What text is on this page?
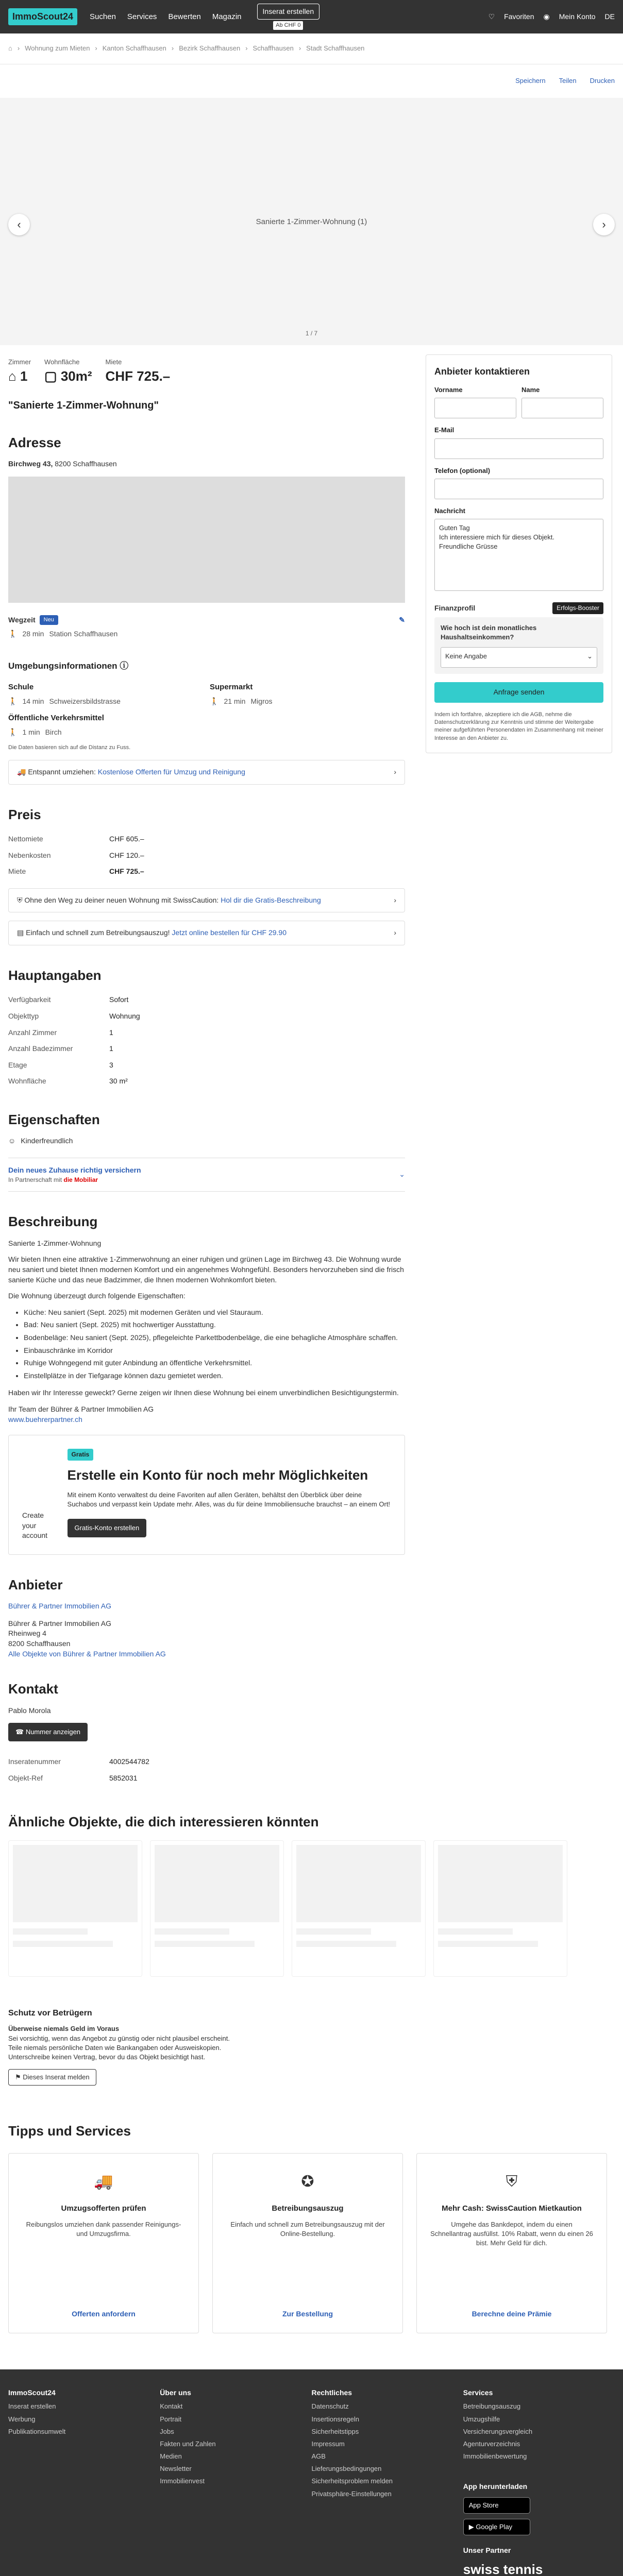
ImmoScout24	Suchen Services Bewerten Magazin
Inserat erstellen
Ab CHF 0
♡ Favoriten ◉ Mein Konto DE
⌂ › Wohnung zum Mieten › Kanton Schaffhausen › Bezirk Schaffhausen › Schaffhausen › Stadt Schaffhausen
Speichern Teilen Drucken
‹	Sanierte 1-Zimmer-Wohnung (1)	›
1 / 7
Zimmer
⌂ 1
Wohnfläche
▢ 30m²
Miete
CHF 725.–
"Sanierte 1-Zimmer-Wohnung"
Adresse
Birchweg 43, 8200 Schaffhausen
Wegzeit	Neu	✎
🚶 28 min Station Schaffhausen
Umgebungsinformationen ⓘ
Schule
🚶 14 min Schweizersbildstrasse
Supermarkt
🚶 21 min Migros
Öffentliche Verkehrsmittel
🚶 1 min Birch
Die Daten basieren sich auf die Distanz zu Fuss.
🚚 Entspannt umziehen: Kostenlose Offerten für Umzug und Reinigung	›
Preis
Nettomiete	CHF 605.–
Nebenkosten	CHF 120.–
Miete	CHF 725.–
⛨ Ohne den Weg zu deiner neuen Wohnung mit SwissCaution: Hol dir die Gratis-Beschreibung	›
▤ Einfach und schnell zum Betreibungsauszug! Jetzt online bestellen für CHF 29.90	›
Hauptangaben
Verfügbarkeit	Sofort
Objekttyp	Wohnung
Anzahl Zimmer	1
Anzahl Badezimmer	1
Etage	3
Wohnfläche	30 m²
Eigenschaften
☺ Kinderfreundlich
Dein neues Zuhause richtig versichern
In Partnerschaft mit die Mobiliar
⌄
Beschreibung

Sanierte 1-Zimmer-Wohnung

Wir bieten Ihnen eine attraktive 1-Zimmerwohnung an einer ruhigen und grünen Lage im Birchweg 43. Die Wohnung wurde neu saniert und bietet Ihnen modernen Komfort und ein angenehmes Wohngefühl. Besonders hervorzuheben sind die frisch sanierte Küche und das neue Badzimmer, die Ihnen modernen Wohnkomfort bieten.

Die Wohnung überzeugt durch folgende Eigenschaften:

• Küche: Neu saniert (Sept. 2025) mit modernen Geräten und viel Stauraum.
• Bad: Neu saniert (Sept. 2025) mit hochwertiger Ausstattung.
• Bodenbeläge: Neu saniert (Sept. 2025), pflegeleichte Parkettbodenbeläge, die eine behagliche Atmosphäre schaffen.
• Einbauschränke im Korridor
• Ruhige Wohngegend mit guter Anbindung an öffentliche Verkehrsmittel.
• Einstellplätze in der Tiefgarage können dazu gemietet werden.

Haben wir Ihr Interesse geweckt? Gerne zeigen wir Ihnen diese Wohnung bei einem unverbindlichen Besichtigungstermin.

Ihr Team der Bührer & Partner Immobilien AG
www.buehrerpartner.ch

Create your account
Gratis
Erstelle ein Konto für noch mehr Möglichkeiten

Mit einem Konto verwaltest du deine Favoriten auf allen Geräten, behältst den Überblick über deine Suchabos und verpasst kein Update mehr. Alles, was du für deine Immobiliensuche brauchst – an einem Ort!

Gratis-Konto erstellen
Anbieter
Bührer & Partner Immobilien AG
Bührer & Partner Immobilien AG
Rheinweg 4
8200 Schaffhausen
Alle Objekte von Bührer & Partner Immobilien AG
Kontakt
Pablo Morola
☎ Nummer anzeigen
Inseratenummer	4002544782
Objekt-Ref	5852031
Anbieter kontaktieren
Vorname	Name
E-Mail
Telefon (optional)
Nachricht
Guten Tag
Ich interessiere mich für dieses Objekt.
Freundliche Grüsse
Finanzprofil	Erfolgs-Booster
Wie hoch ist dein monatliches Haushaltseinkommen?
Keine Angabe	⌄
Anfrage senden

Indem ich fortfahre, akzeptiere ich die AGB, nehme die Datenschutzerklärung zur Kenntnis und stimme der Weitergabe meiner aufgeführten Personendaten im Zusammenhang mit meiner Interesse an den Anbieter zu.

Ähnliche Objekte, die dich interessieren könnten
Schutz vor Betrügern
Überweise niemals Geld im Voraus
Sei vorsichtig, wenn das Angebot zu günstig oder nicht plausibel erscheint.
Teile niemals persönliche Daten wie Bankangaben oder Ausweiskopien.
Unterschreibe keinen Vertrag, bevor du das Objekt besichtigt hast.
⚑ Dieses Inserat melden
Tipps und Services
🚚
Umzugsofferten prüfen

Reibungslos umziehen dank passender Reinigungs- und Umzugsfirma.

Offerten anfordern
✪
Betreibungsauszug

Einfach und schnell zum Betreibungsauszug mit der Online-Bestellung.

Zur Bestellung
⛨
Mehr Cash: SwissCaution Mietkaution

Umgehe das Bankdepot, indem du einen Schnellantrag ausfüllst. 10% Rabatt, wenn du einen 26 bist. Mehr Geld für dich.

Berechne deine Prämie
ImmoScout24
Inserat erstellen
Werbung
Publikationsumwelt
Über uns
Kontakt
Portrait
Jobs
Fakten und Zahlen
Medien
Newsletter
Immobilienvest
Rechtliches
Datenschutz
Insertionsregeln
Sicherheitstipps
Impressum
AGB
Lieferungsbedingungen
Sicherheitsproblem melden
Privatsphäre-Einstellungen
Services
Betreibungsauszug
Umzugshilfe
Versicherungsvergleich
Agenturverzeichnis
Immobilienbewertung
App herunterladen
App Store
▶ Google Play
Unser Partner
swiss tennis
